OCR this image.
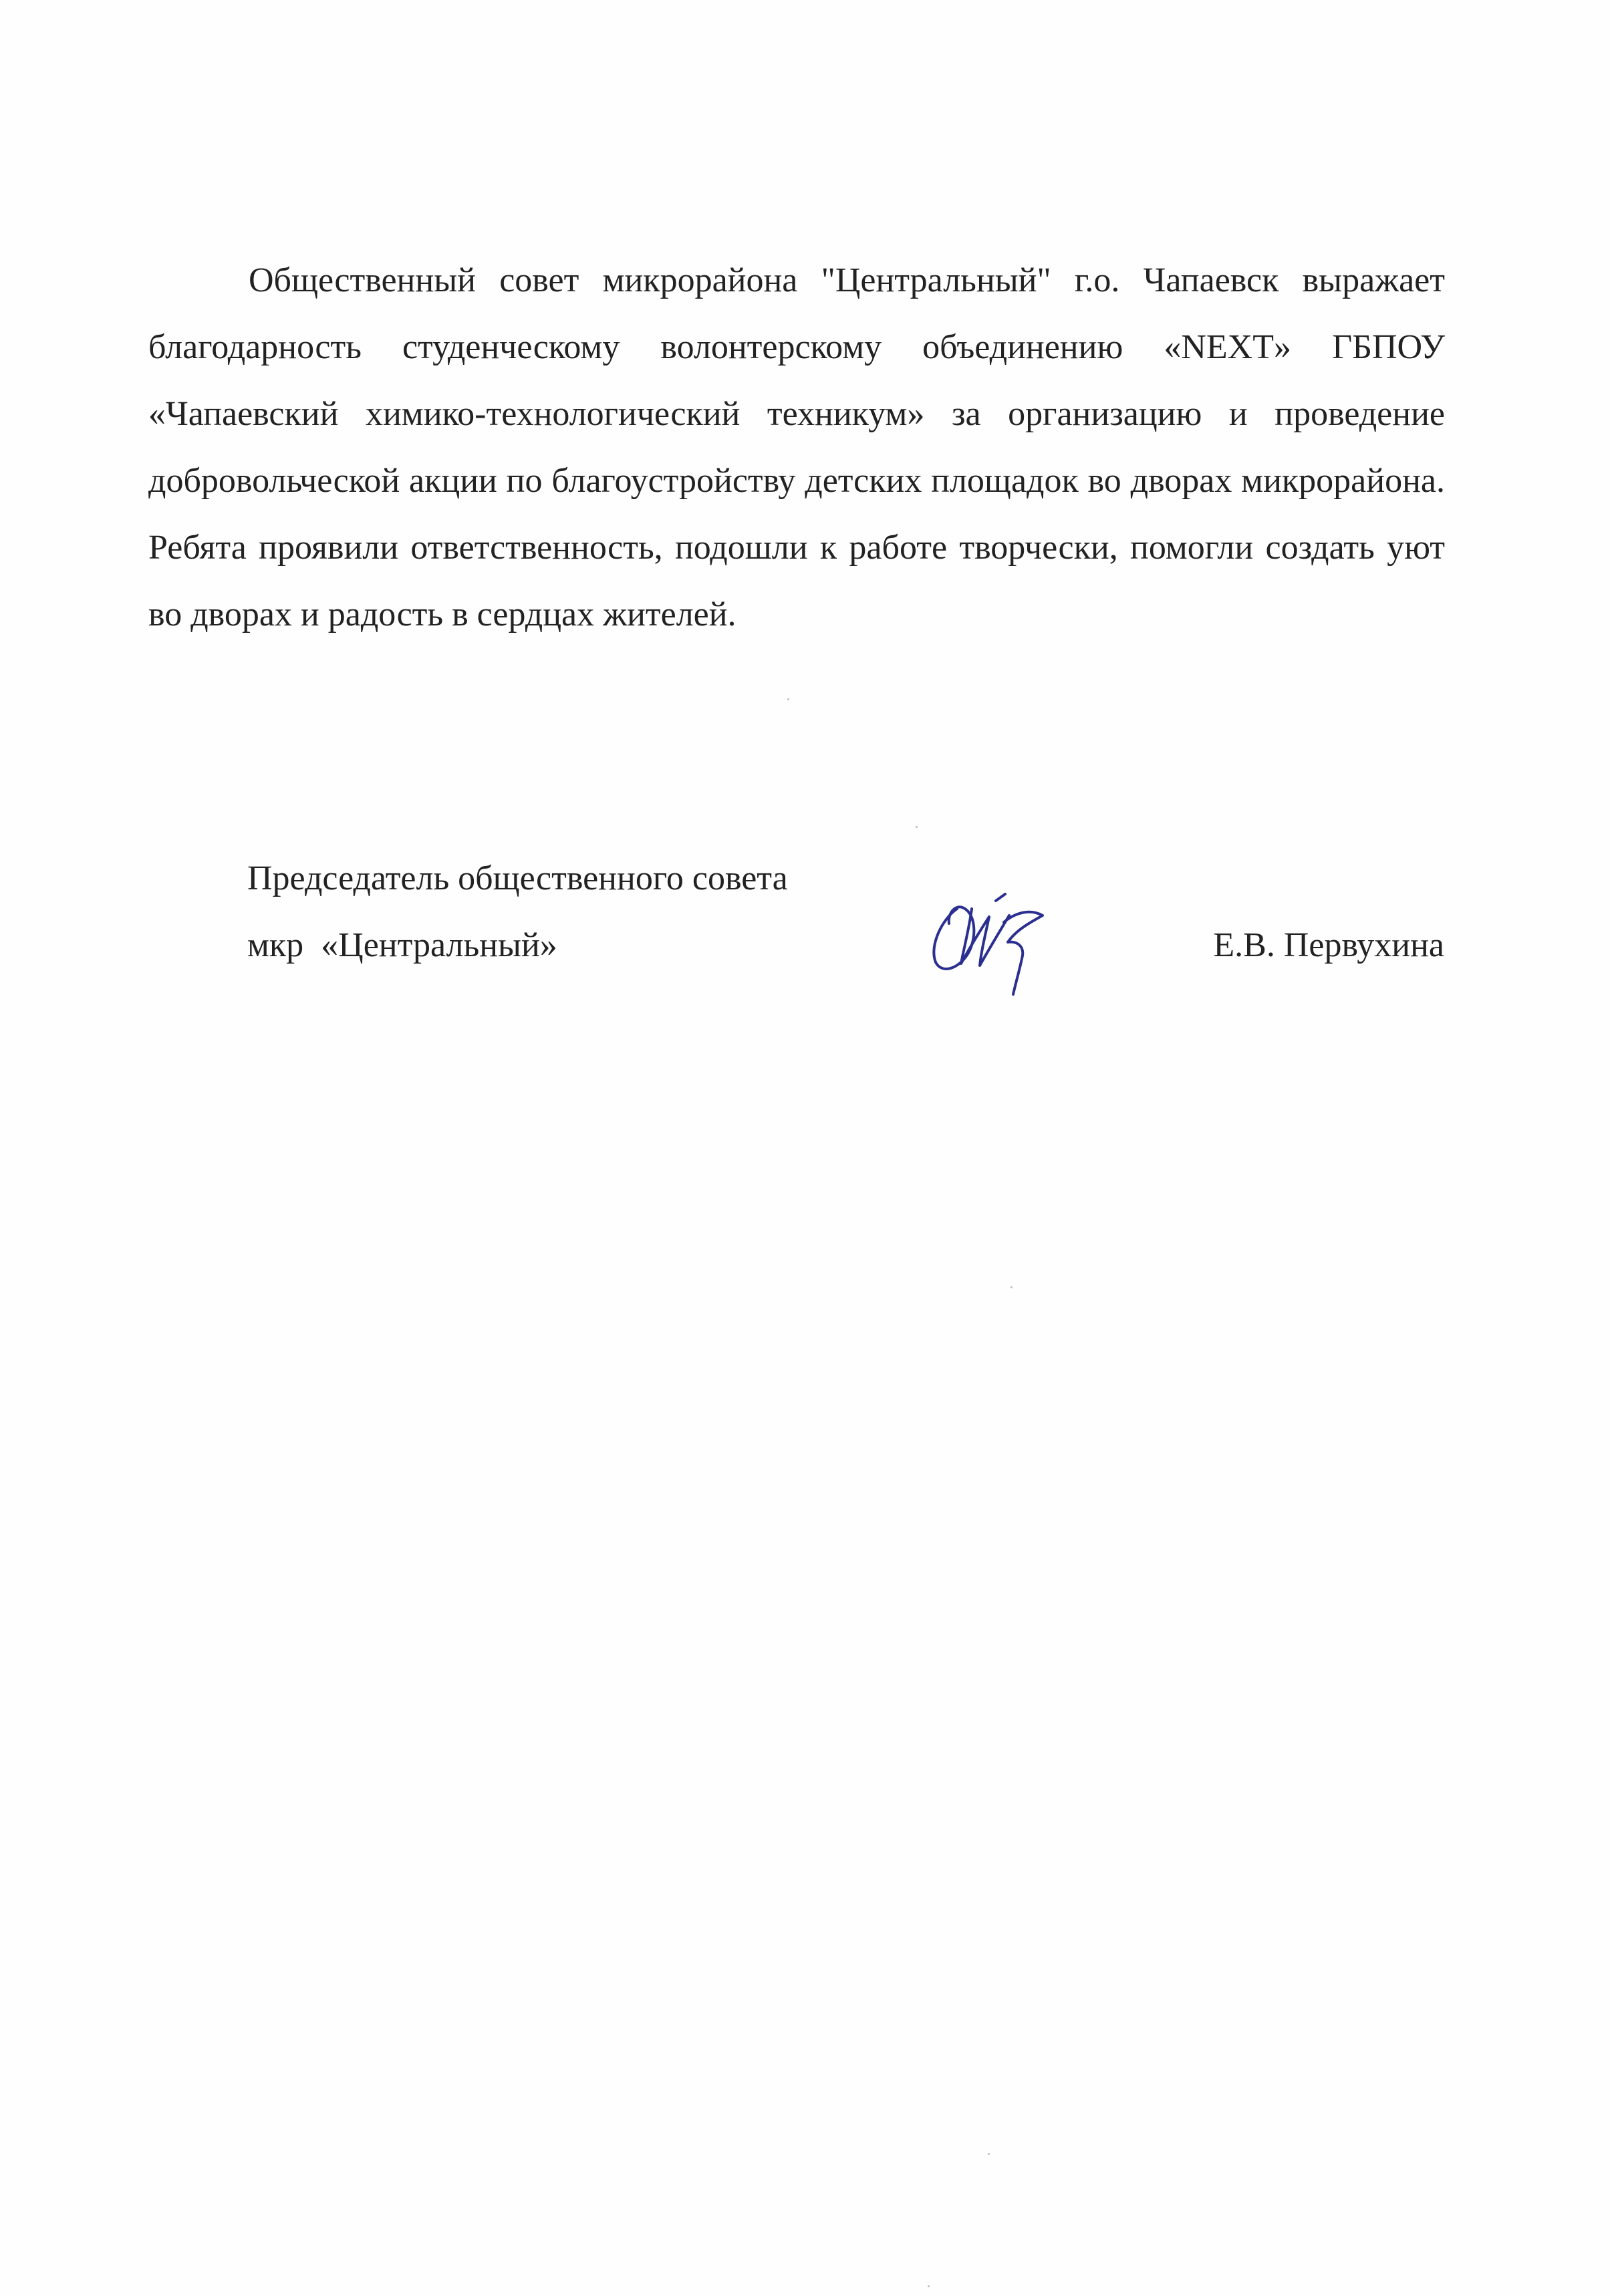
Общественный совет микрорайона "Центральный" г.о. Чапаевск выражает благодарность студенческому волонтерскому объединению «NEXT» ГБПОУ «Чапаевский химико-технологический техникум» за организацию и проведение добровольческой акции по благоустройству детских площадок во дворах микрорайона. Ребята проявили ответственность, подошли к работе творчески, помогли создать уют во дворах и радость в сердцах жителей.

Председатель общественного совета
мкр  «Центральный»	Е.В. Первухина
